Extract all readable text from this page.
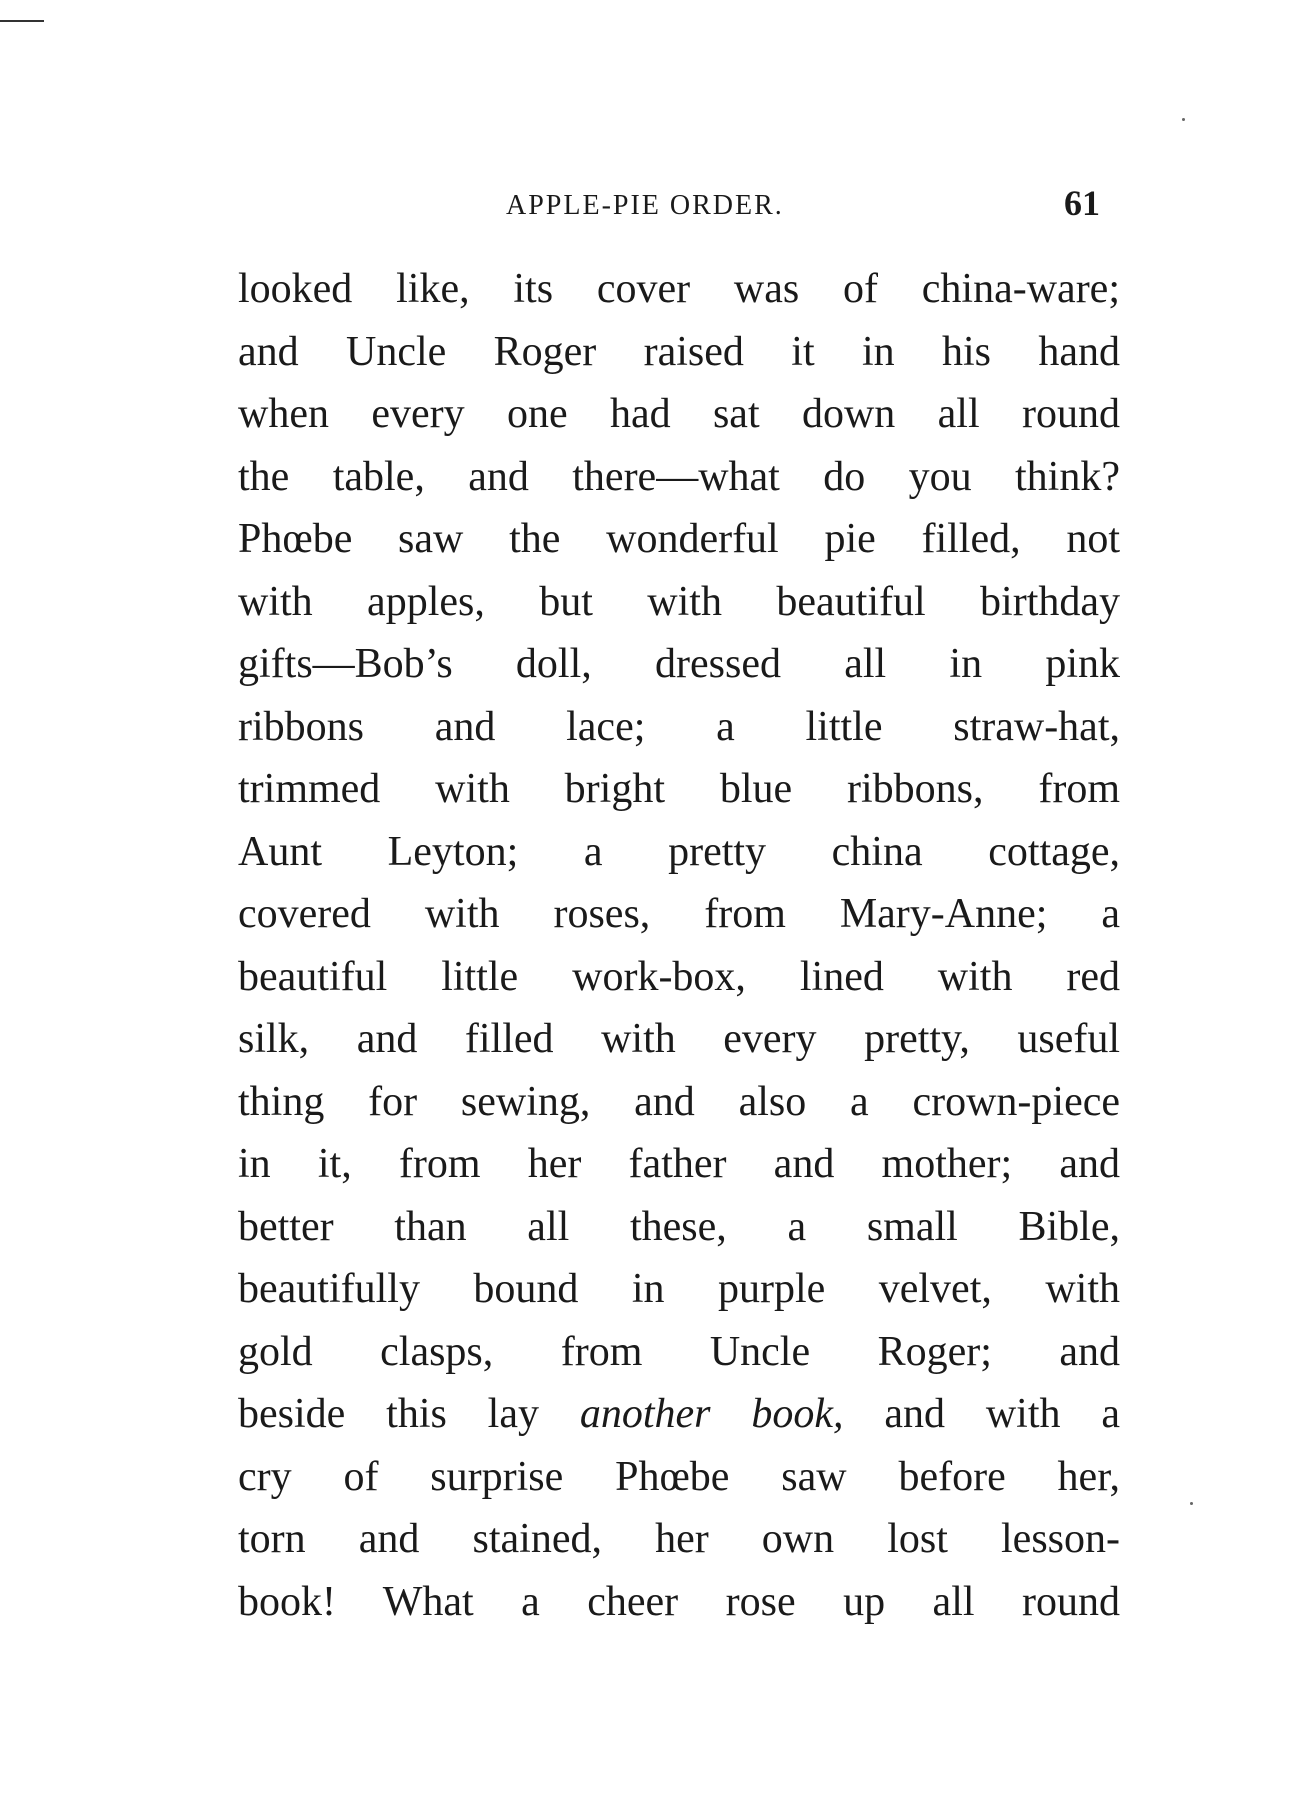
APPLE-PIE ORDER.	61
looked like, its cover was of china-ware;
and Uncle Roger raised it in his hand
when every one had sat down all round
the table, and there—what do you think?
Phœbe saw the wonderful pie filled, not
with apples, but with beautiful birthday
gifts—Bob’s doll, dressed all in pink
ribbons and lace; a little straw-hat,
trimmed with bright blue ribbons, from
Aunt Leyton; a pretty china cottage,
covered with roses, from Mary-Anne; a
beautiful little work-box, lined with red
silk, and filled with every pretty, useful
thing for sewing, and also a crown-piece
in it, from her father and mother; and
better than all these, a small Bible,
beautifully bound in purple velvet, with
gold clasps, from Uncle Roger; and
beside this lay another book, and with a
cry of surprise Phœbe saw before her,
torn and stained, her own lost lesson-
book! What a cheer rose up all round
